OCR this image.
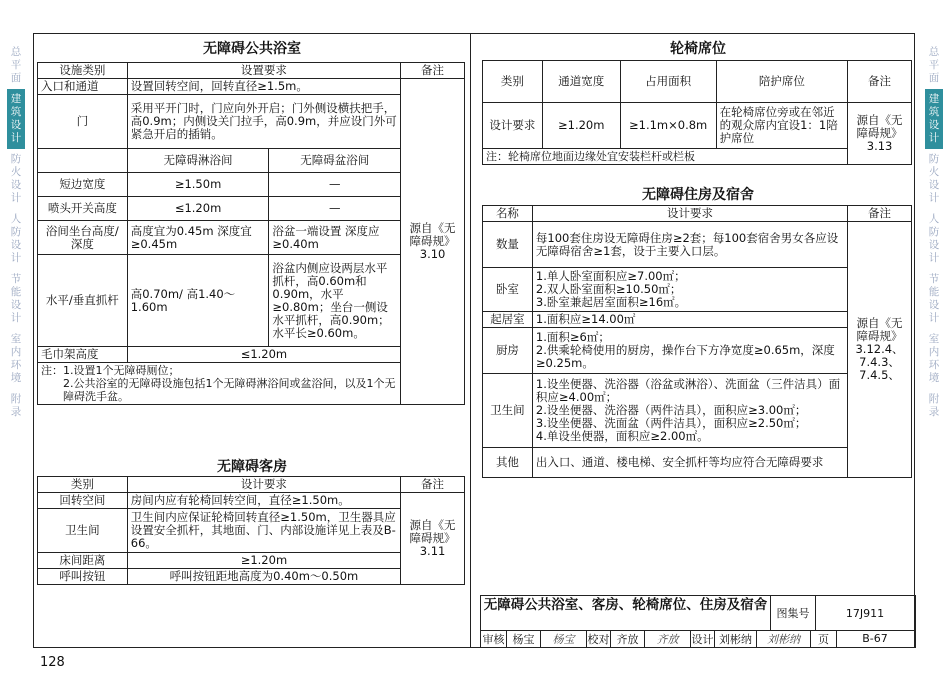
总平面
建筑设计
防火设计
人防设计
节能设计
室内环境
附录
总平面
建筑设计
防火设计
人防设计
节能设计
室内环境
附录
无障碍公共浴室
设施类别	设置要求		备注
入口和通道	设置回转空间，回转直径≥1.5m。		源自《无障碍规》3.10
门	采用平开门时，门应向外开启；门外侧设横扶把手，高0.9m；内侧设关门拉手，高0.9m，并应设门外可紧急开启的插销。		
	无障碍淋浴间	无障碍盆浴间	
短边宽度	≥1.50m	—	
喷头开关高度	≤1.20m	—	
浴间坐台高度/深度	高度宜为0.45m 深度宜≥0.45m	浴盆一端设置 深度应≥0.40m	
水平/垂直抓杆	高0.70m/ 高1.40～1.60m	浴盆内侧应设两层水平抓杆，高0.60m和0.90m，水平≥0.80m；坐台一侧设水平抓杆，高0.90m；水平长≥0.60m。	
毛巾架高度	≤1.20m		

注：1.设置1个无障碍厕位；
2.公共浴室的无障碍设施包括1个无障碍淋浴间或盆浴间，以及1个无障碍洗手盆。			
无障碍客房
类别	设计要求	备注
回转空间	房间内应有轮椅回转空间，直径≥1.50m。	源自《无障碍规》3.11
卫生间	卫生间内应保证轮椅回转直径≥1.50m，卫生器具应设置安全抓杆，其地面、门、内部设施详见上表及B-66。	
床间距离	≥1.20m	
呼叫按钮	呼叫按钮距地高度为0.40m～0.50m	
轮椅席位
类别	通道宽度	占用面积	陪护席位	备注
设计要求	≥1.20m	≥1.1m×0.8m	在轮椅席位旁或在邻近的观众席内宜设1：1陪护席位	源自《无障碍规》3.13
注：轮椅席位地面边缘处宜安装栏杆或栏板				
无障碍住房及宿舍
名称	设计要求	备注
数量	每100套住房设无障碍住房≥2套；每100套宿舍男女各应设无障碍宿舍≥1套，设于主要入口层。	源自《无障碍规》3.12.4、7.4.3、7.4.5、
卧室	1.单人卧室面积应≥7.00㎡；
2.双人卧室面积≥10.50㎡；
3.卧室兼起居室面积≥16㎡。	

起居室	1.面积应≥14.00㎡	
厨房	1.面积≥6㎡；
2.供乘轮椅使用的厨房，操作台下方净宽度≥0.65m，深度≥0.25m。	

卫生间	1.设坐便器、洗浴器（浴盆或淋浴）、洗面盆（三件洁具）面积应≥4.00㎡；
2.设坐便器、洗浴器（两件洁具），面积应≥3.00㎡；
3.设坐便器、洗面盆（两件洁具），面积应≥2.50㎡；
4.单设坐便器，面积应≥2.00㎡。	

其他	出入口、通道、楼电梯、安全抓杆等均应符合无障碍要求	
无障碍公共浴室、客房、轮椅席位、住房及宿舍
图集号	17J911
审核 杨宝	杨宝	校对 齐放	齐放	设计 刘彬纳	刘彬纳	页	B-67
128
